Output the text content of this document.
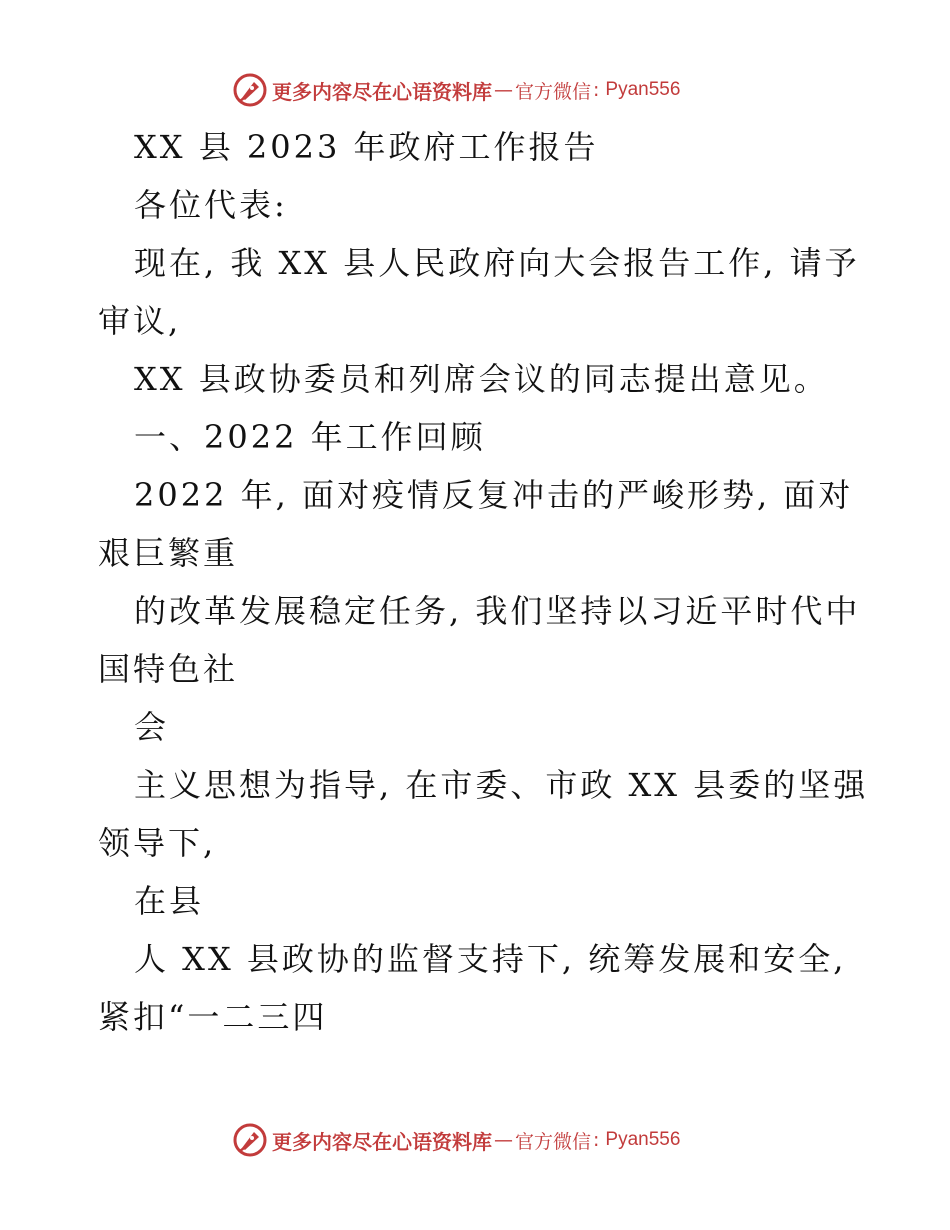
更多内容尽在心语资料库 — 官方微信 : Pyan556
XX 县 2023 年政府工作报告
各位代表:
现在, 我 XX 县人民政府向大会报告工作, 请予
审议,
XX 县政协委员和列席会议的同志提出意见。
一、2022 年工作回顾
2022 年, 面对疫情反复冲击的严峻形势, 面对
艰巨繁重
的改革发展稳定任务, 我们坚持以习近平时代中
国特色社
会
主义思想为指导, 在市委、市政 XX 县委的坚强
领导下,
在县
人 XX 县政协的监督支持下, 统筹发展和安全,
紧扣“一二三四
更多内容尽在心语资料库 — 官方微信 : Pyan556
